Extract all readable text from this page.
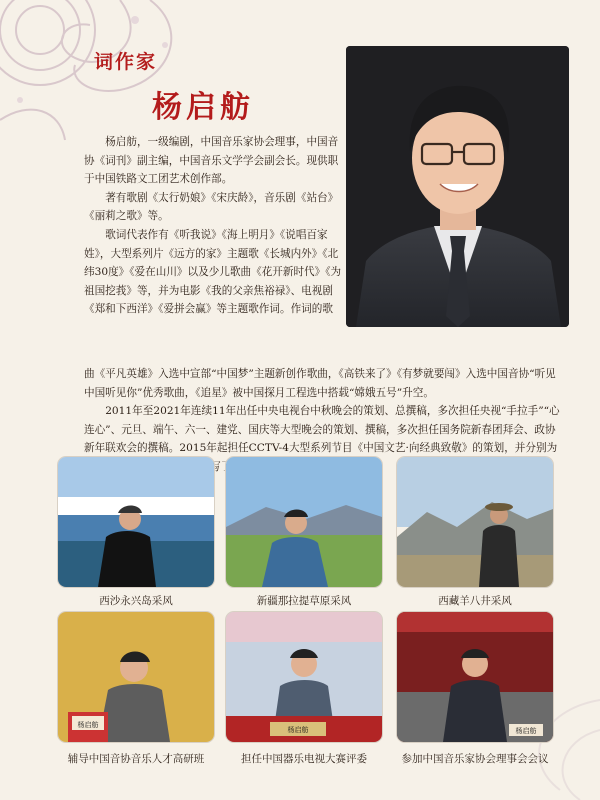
词作家
杨启舫

杨启舫，一级编剧，中国音乐家协会理事，中国音协《词刊》副主编，中国音乐文学学会副会长。现供职于中国铁路文工团艺术创作部。

著有歌剧《太行奶娘》《宋庆龄》，音乐剧《站台》《丽莉之歌》等。

歌词代表作有《听我说》《海上明月》《说唱百家姓》，大型系列片《远方的家》主题歌《长城内外》《北纬30度》《爱在山川》以及少儿歌曲《花开新时代》《为祖国挖莪》等，并为电影《我的父亲焦裕禄》、电视剧《郑和下西洋》《爱拼会赢》等主题歌作词。作词的歌

曲《平凡英雄》入选中宣部“中国梦”主题新创作歌曲，《高铁来了》《有梦就要闯》入选中国音协“听见中国听见你”优秀歌曲，《追星》被中国探月工程选中搭载“嫦娥五号”升空。

2011年至2021年连续11年出任中央电视台中秋晚会的策划、总撰稿，多次担任央视“手拉手”“心连心”、元旦、端午、六一、建党、国庆等大型晚会的策划、撰稿，多次担任国务院新春团拜会、政协新年联欢会的撰稿。2015年起担任CCTV-4大型系列节目《中国文艺·向经典致敬》的策划，并分别为 位艺术家撰写了致敬词。

西沙永兴岛采风	新疆那拉提草原采风	西藏羊八井采风
杨启舫
杨启舫	杨启舫
辅导中国音协音乐人才高研班	担任中国器乐电视大赛评委	参加中国音乐家协会理事会会议
